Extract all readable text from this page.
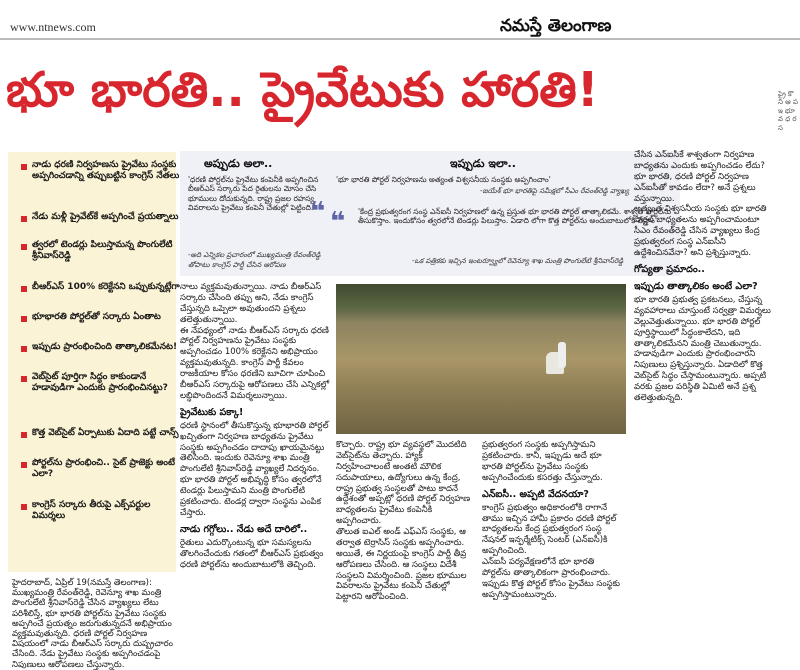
www.ntnews.com	నమస్తే తెలంగాణ
భూ భారతి.. ప్రైవేటుకు హారతి!
నాడు ధరణి నిర్వహణను ప్రైవేటు సంస్థకు అప్పగించడాన్ని తప్పుబట్టిన కాంగ్రెస్ నేతలు
నేడు మళ్లీ ప్రైవేట్‌కే అప్పగించే ప్రయత్నాలు
త్వరలో టెండర్లు పిలుస్తామన్న పొంగులేటి శ్రీనివాస్‌రెడ్డి
బీఆర్‌ఎస్ 100% కరెక్టేనని ఒప్పుకున్నట్లేగా
భూభారతి పోర్టల్‌తో సర్కారు ఏంతాట
ఇప్పుడు ప్రారంభించింది తాత్కాలికమేనట!
వెబ్‌సైట్ పూర్తిగా సిద్ధం కాకుండానే హడావుడిగా ఎందుకు ప్రారంభించినట్టు?
కొత్త వెబ్‌సైట్ ఏర్పాటుకు ఏదాది పట్టే చాన్స్
పోర్టల్‌ను ప్రారంభించి.. సైట్ ప్రాజెక్టు అంటే ఎలా?
కాంగ్రెస్ సర్కారు తీరుపై ఎక్స్‌పర్టుల విమర్శలు
హైదరాబాద్, ఏప్రిల్ 19(నమస్తే తెలంగాణ): ముఖ్యమంత్రి రేవంత్‌రెడ్డి, రెవెన్యూ శాఖ మంత్రి పొంగులేటి శ్రీనివాస్‌రెడ్డి చేసిన వ్యాఖ్యలు లేటు పరిశీలిస్తే, భూ భారతి పోర్టల్‌ను ప్రైవేటు సంస్థకు అప్పగించే ప్రయత్నం జరుగుతున్నదనే అభిప్రాయం వ్యక్తమవుతున్నది. ధరణి పోర్టల్ నిర్వహణ విషయంలో నాడు బీఆర్‌ఎస్ సర్కారు దుష్ప్రచారం చేసింది. నేడు ప్రైవేటు సంస్థకు అప్పగించడంపై నిపుణులు ఆరోపణలు చేస్తున్నారు.
అప్పుడు అలా..
'ధరణి పోర్టల్‌ను ప్రైవేటు కంపెనీకి అప్పగించిన బీఆర్‌ఎస్ సర్కారు పేద రైతులను మోసం చేసి భూములు దోచుకున్నది. రాష్ట్ర ప్రజల రహస్య వివరాలను ప్రైవేటు కంపెనీ చేతుల్లో పెట్టింది.'
-అది ఎన్నికల ప్రచారంలో ముఖ్యమంత్రి రేవంత్‌రెడ్డి తోపాటు కాంగ్రెస్ పార్టీ చేసిన ఆరోపణ
❝
ఇప్పుడు ఇలా..
'భూ భారతి పోర్టల్ నిర్వహణను అత్యంత విశ్వసనీయ సంస్థకు అప్పగించాం'
-జయేశ్ భూ భారతిపై సమీక్షలో సీఎం రేవంత్‌రెడ్డి వ్యాఖ్య
❝ 'కేంద్ర ప్రభుత్వరంగ సంస్థ ఎన్‌ఐసీ నిర్వహణలో ఉన్న ప్రస్తుత భూ భారతి పోర్టల్ తాత్కాలికమే. శాశ్వత పోర్టల్‌ను తీసుకొస్తాం. ఇందుకోసం త్వరలోనే టెండర్లు పిలుస్తాం. ఏడాది లోగా కొత్త పోర్టల్‌ను అందుబాటులోకి తెస్తాం'
-ఒక పత్రికకు ఇచ్చిన ఇంటర్వ్యూలో రెవెన్యూ శాఖ మంత్రి పొంగులేటి శ్రీనివాస్‌రెడ్డి
నాలు వ్యక్తమవుతున్నాయి. నాడు బీఆర్‌ఎస్ సర్కారు చేసింది తప్పు అని, నేడు కాంగ్రెస్ చేస్తున్నది ఒప్పెలా అవుతుందని ప్రశ్నలు తలెత్తుతున్నాయి.
ఈ నేపథ్యంలో నాడు బీఆర్‌ఎస్ సర్కారు ధరణి పోర్టల్ నిర్వహణను ప్రైవేటు సంస్థకు అప్పగించడం 100% కరెక్టేనని అభిప్రాయం వ్యక్తమవుతున్నది. కాంగ్రెస్ పార్టీ కేవలం రాజకీయాల కోసం ధరణిని బూచిగా చూపించి బీఆర్‌ఎస్ సర్కారుపై ఆరోపణలు చేసి ఎన్నికల్లో లబ్ధిపొందిందనే విమర్శలున్నాయి.
ప్రైవేటుకు పక్కా!
ధరణి స్థానంలో తీసుకొస్తున్న భూభారతి పోర్టల్ ఖచ్చితంగా నిర్వహణ బాధ్యతను ప్రైవేటు సంస్థకు అప్పగించడం దాదాపు ఖాయమైనట్టు తెలిసింది. ఇందుకు రెవెన్యూ శాఖ మంత్రి పొంగులేటి శ్రీనివాస్‌రెడ్డి వ్యాఖ్యలే నిదర్శనం.
భూ భారతి పోర్టల్ అభివృద్ధి కోసం త్వరలోనే టెండర్లు పిలుస్తామని మంత్రి పొంగులేటి ప్రకటించారు. టెండర్ల ద్వారా సంస్థను ఎంపిక చేస్తారు.
నాడు గగ్గోలు.. నేడు అదే దారిలో..
రైతులు ఎదుర్కొంటున్న భూ సమస్యలను తొలగించేందుకు గతంలో బీఆర్‌ఎస్ ప్రభుత్వం ధరణి పోర్టల్‌ను అందుబాటులోకి తెచ్చింది.
కొచ్చారు. రాష్ట్ర భూ వ్యవస్థలో మొదటిది వెబ్‌సైట్‌ను తెచ్చారు. హ్యాక్ నిర్వహించాలంటే అంతటి మౌలిక సదుపాయాలు, ఉద్యోగులు ఉన్న కేంద్ర, రాష్ట్ర ప్రభుత్వ సంస్థలతో పాటు కాదనే ఉద్దేశంతో అప్పట్లో ధరణి పోర్టల్ నిర్వహణ బాధ్యతలను ప్రైవేటు కంపెనీకి అప్పగించారు.
తొలుత ఐఎల్ అండ్ ఎఫ్‌ఎస్ సంస్థకు, ఆ తర్వాత టెర్రాసిస్ సంస్థకు అప్పగించారు. అయితే, ఈ నిర్ణయంపై కాంగ్రెస్ పార్టీ తీవ్ర ఆరోపణలు చేసింది. ఆ సంస్థలు విదేశీ సంస్థలని విమర్శించింది. ప్రజల భూముల వివరాలను ప్రైవేటు కంపెనీ చేతుల్లో పెట్టారని ఆరోపించింది.
ప్రభుత్వరంగ సంస్థకు అప్పగిస్తామని ప్రకటించారు. కానీ, ఇప్పుడు అదే భూ భారతి పోర్టల్‌ను ప్రైవేటు సంస్థకు అప్పగించేందుకు కసరత్తు చేస్తున్నారు.
ఎన్‌ఐసీ.. అప్పటి వేదనయా?
కాంగ్రెస్ ప్రభుత్వం అధికారంలోకి రాగానే తాము ఇచ్చిన హామీ ప్రకారం ధరణి పోర్టల్ బాధ్యతలను కేంద్ర ప్రభుత్వరంగ సంస్థ నేషనల్ ఇన్ఫర్మేటిక్స్ సెంటర్ (ఎన్‌ఐసీ)కి అప్పగించింది.
ఎన్‌ఐసీ పర్యవేక్షణలోనే భూ భారతి పోర్టల్‌ను తాత్కాలికంగా ప్రారంభించారు. ఇప్పుడు కొత్త పోర్టల్ కోసం ప్రైవేటు సంస్థకు అప్పగిస్తామంటున్నారు.
చేసిన ఎన్‌ఐసీకే శాశ్వతంగా నిర్వహణ బాధ్యతను ఎందుకు అప్పగించడం లేదు? భూ భారతి, ధరణి పోర్టల్ నిర్వహణ ఎన్‌ఐసీతో కావడం లేదా? అనే ప్రశ్నలు వస్తున్నాయి.
అత్యంత విశ్వసనీయ సంస్థకు భూ భారతి పోర్టల్ బాధ్యతలను అప్పగించామంటూ సీఎం రేవంత్‌రెడ్డి చేసిన వ్యాఖ్యలు కేంద్ర ప్రభుత్వరంగ సంస్థ ఎన్‌ఐసీని ఉద్దేశించినవేనా? అని ప్రశ్నిస్తున్నారు.
గోప్యతా ప్రమాదం..
ఇప్పుడు తాత్కాలికం అంటే ఎలా?
భూ భారతి ప్రభుత్వ ప్రకటనలు, చేస్తున్న వ్యవహారాలు చూస్తుంటే సర్వత్రా విమర్శలు వెల్లువెత్తుతున్నాయి. భూ భారతి పోర్టల్ పూర్తిస్థాయిలో సిద్ధంకాలేదని, ఇది తాత్కాలికమేనని మంత్రి చెబుతున్నారు.
హడావుడిగా ఎందుకు ప్రారంభించారని నిపుణులు ప్రశ్నిస్తున్నారు. ఏడాదిలో కొత్త వెబ్‌సైట్ సిద్ధం చేస్తామంటున్నారు. అప్పటి వరకు ప్రజల పరిస్థితి ఏమిటి అనే ప్రశ్న తలెత్తుతున్నది.
ప్రై కొ ని ఆ ప ఇ భూ వ ధ ర స
